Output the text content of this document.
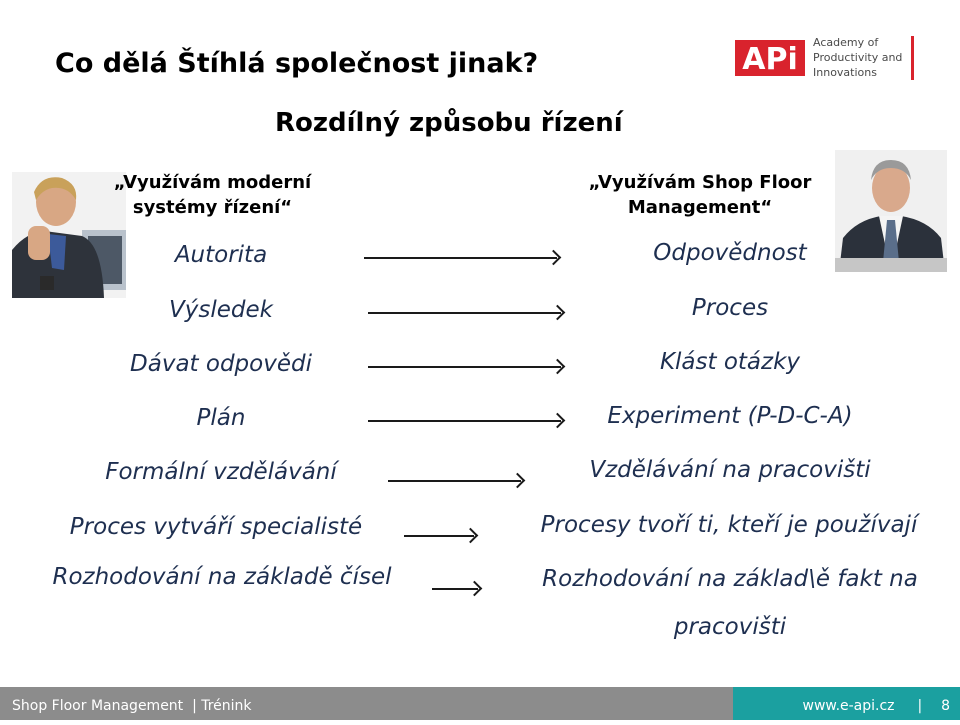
Co dělá Štíhlá společnost jinak?
Rozdílný způsobu řízení
APi Academy of
Productivity and
Innovations
„Využívám moderní
systémy řízení“
„Využívám Shop Floor
Management“
Autorita
Výsledek
Dávat odpovědi
Plán
Formální vzdělávání
Proces vytváří specialisté
Rozhodování na základě čísel
Odpovědnost
Proces
Klást otázky
Experiment (P-D-C-A)
Vzdělávání na pracovišti
Procesy tvoří ti, kteří je používají
Rozhodování na základ\ě fakt na
pracovišti
Shop Floor Management  | Trénink	www.e-api.cz | 8
